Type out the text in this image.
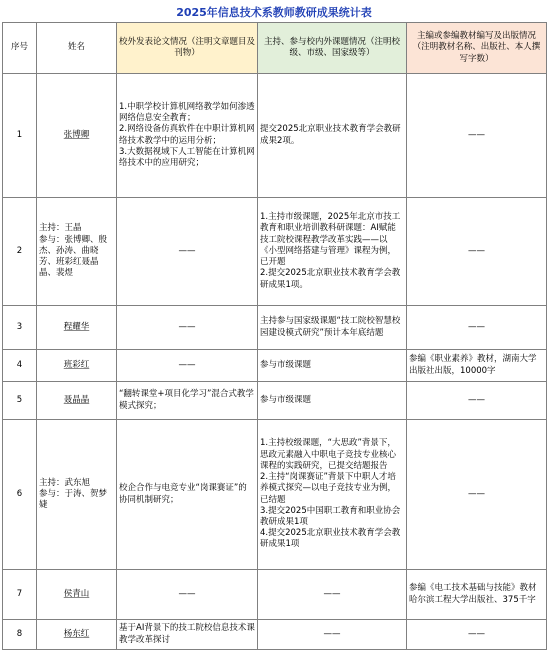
2025年信息技术系教师教研成果统计表
序号	姓名	校外发表论文情况（注明文章题目及刊物）	主持、参与校内外课题情况（注明校级、市级、国家级等）	主编或参编教材编写及出版情况（注明教材名称、出版社、本人撰写字数）
1	张博卿	1.中职学校计算机网络教学如何渗透网络信息安全教育；
2.网络设备仿真软件在中职计算机网络技术教学中的运用分析；
3.大数据视域下人工智能在计算机网络技术中的应用研究；	提交2025北京职业技术教育学会教研成果2项。	——
2	主持：王晶
参与：张博卿、殷杰、孙涛、曲晓芳、班彩红聂晶晶、裴煜	——	1.主持市级课题，2025年北京市技工教育和职业培训教科研课题：AI赋能技工院校课程教学改革实践——以《小型网络搭建与管理》课程为例，已开题
2.提交2025北京职业技术教育学会教研成果1项。	——
3	程耀华	——	主持参与国家级课题“技工院校智慧校园建设模式研究”预计本年底结题	——
4	班彩红	——	参与市级课题	参编《职业素养》教材，湖南大学出版社出版，10000字
5	聂晶晶	“翻转课堂+项目化学习”混合式教学模式探究；	参与市级课题	——
6	主持：武东旭
参与：于涛、贺梦婕	校企合作与电竞专业“岗课赛证”的协同机制研究；	1.主持校级课题，“大思政”背景下，思政元素融入中职电子竞技专业核心课程的实践研究，已提交结题报告
2.主持“岗课赛证”背景下中职人才培养模式探究—以电子竞技专业为例，已结题
3.提交2025中国职工教育和职业协会教研成果1项
4.提交2025北京职业技术教育学会教研成果1项	——
7	侯青山	——	——	参编《电工技术基础与技能》教材 哈尔滨工程大学出版社、375千字
8	杨东红	基于AI背景下的技工院校信息技术课教学改革探讨	——	——
